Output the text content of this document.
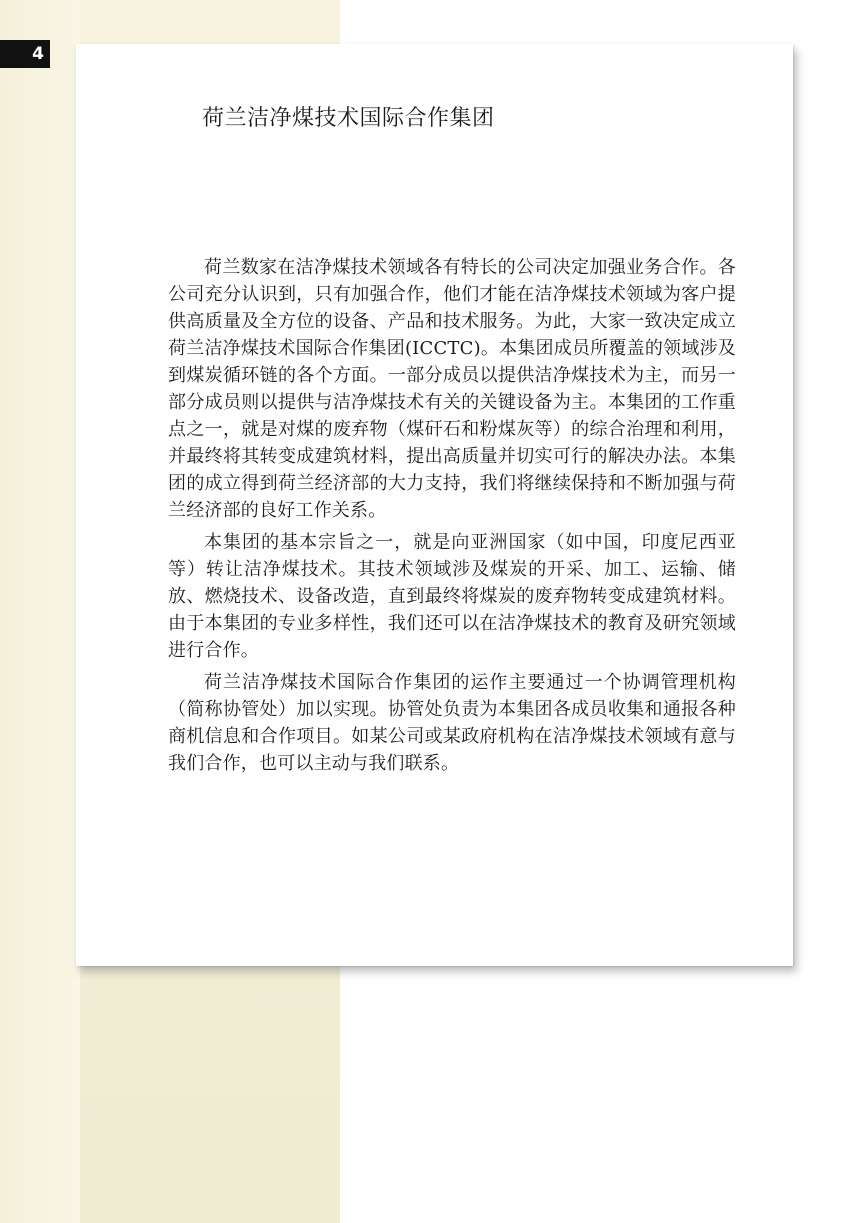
4
荷兰洁净煤技术国际合作集团

荷兰数家在洁净煤技术领域各有特长的公司决定加强业务合作。各公司充分认识到，只有加强合作，他们才能在洁净煤技术领域为客户提供高质量及全方位的设备、产品和技术服务。为此，大家一致决定成立荷兰洁净煤技术国际合作集团(ICCTC)。本集团成员所覆盖的领域涉及到煤炭循环链的各个方面。一部分成员以提供洁净煤技术为主，而另一部分成员则以提供与洁净煤技术有关的关键设备为主。本集团的工作重点之一，就是对煤的废弃物（煤矸石和粉煤灰等）的综合治理和利用，并最终将其转变成建筑材料，提出高质量并切实可行的解决办法。本集团的成立得到荷兰经济部的大力支持，我们将继续保持和不断加强与荷兰经济部的良好工作关系。

本集团的基本宗旨之一，就是向亚洲国家（如中国，印度尼西亚 等）转让洁净煤技术。其技术领域涉及煤炭的开采、加工、运输、储放、燃烧技术、设备改造，直到最终将煤炭的废弃物转变成建筑材料。由于本集团的专业多样性，我们还可以在洁净煤技术的教育及研究领域进行合作。

荷兰洁净煤技术国际合作集团的运作主要通过一个协调管理机构（简称协管处）加以实现。协管处负责为本集团各成员收集和通报各种商机信息和合作项目。如某公司或某政府机构在洁净煤技术领域有意与我们合作，也可以主动与我们联系。
